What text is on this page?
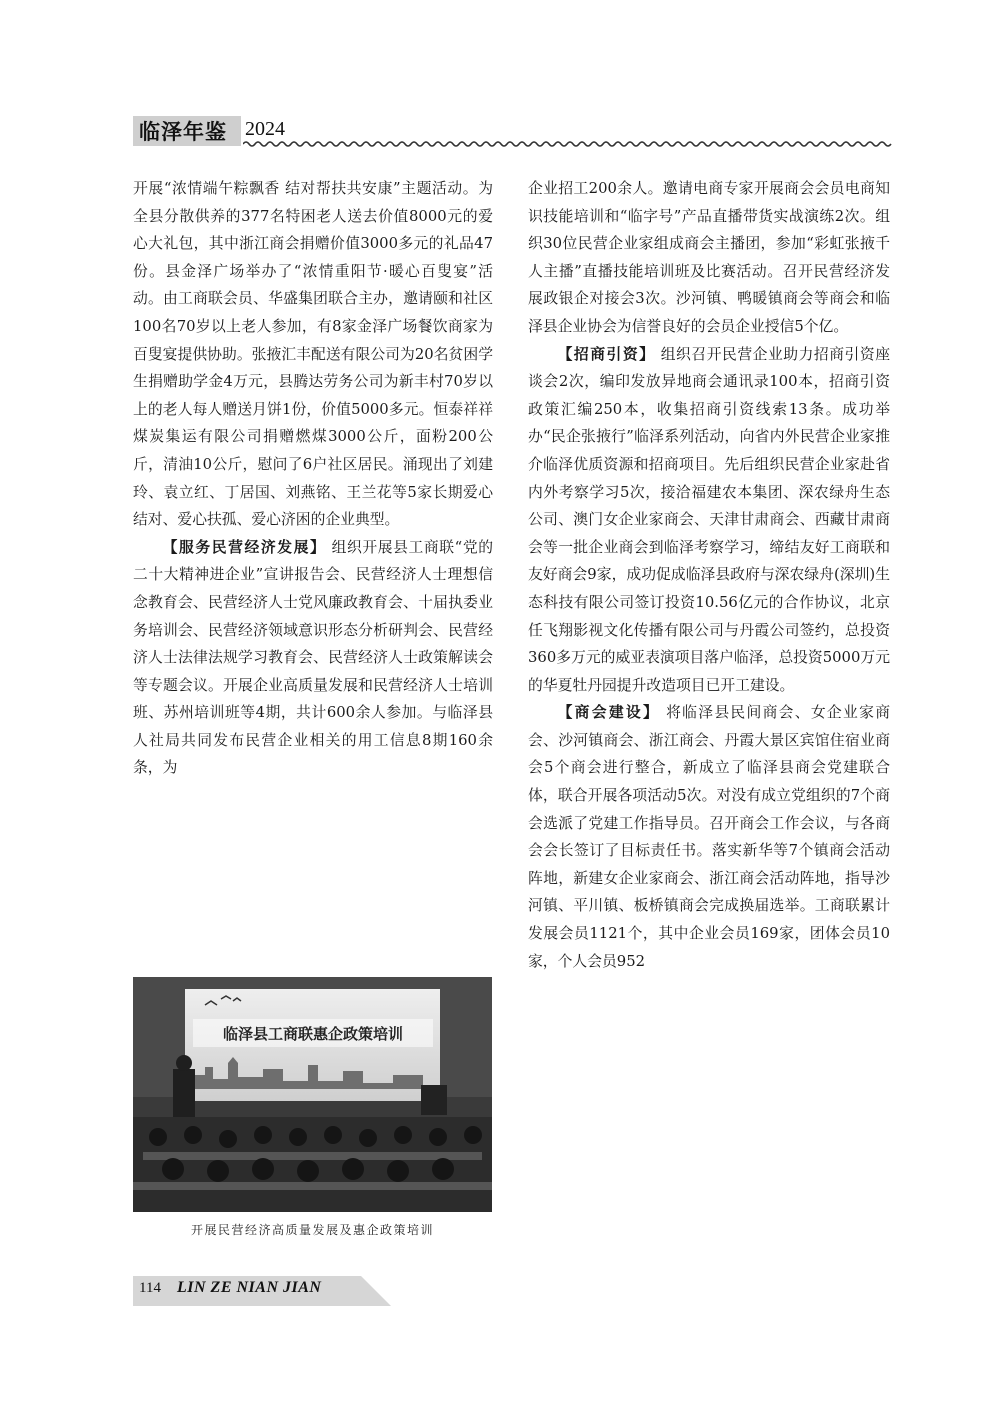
临泽年鉴 2024

开展“浓情端午粽飘香 结对帮扶共安康”主题活动。为全县分散供养的377名特困老人送去价值8000元的爱心大礼包，其中浙江商会捐赠价值3000多元的礼品47份。县金泽广场举办了“浓情重阳节·暖心百叟宴”活动。由工商联会员、华盛集团联合主办，邀请颐和社区100名70岁以上老人参加，有8家金泽广场餐饮商家为百叟宴提供协助。张掖汇丰配送有限公司为20名贫困学生捐赠助学金4万元，县腾达劳务公司为新丰村70岁以上的老人每人赠送月饼1份，价值5000多元。恒泰祥祥煤炭集运有限公司捐赠燃煤3000公斤，面粉200公斤，清油10公斤，慰问了6户社区居民。涌现出了刘建玲、袁立红、丁居国、刘燕铭、王兰花等5家长期爱心结对、爱心扶孤、爱心济困的企业典型。

【服务民营经济发展】 组织开展县工商联“党的二十大精神进企业”宣讲报告会、民营经济人士理想信念教育会、民营经济人士党风廉政教育会、十届执委业务培训会、民营经济领域意识形态分析研判会、民营经济人士法律法规学习教育会、民营经济人士政策解读会等专题会议。开展企业高质量发展和民营经济人士培训班、苏州培训班等4期，共计600余人参加。与临泽县人社局共同发布民营企业相关的用工信息8期160余条，为

临泽县工商联惠企政策培训
开展民营经济高质量发展及惠企政策培训

企业招工200余人。邀请电商专家开展商会会员电商知识技能培训和“临字号”产品直播带货实战演练2次。组织30位民营企业家组成商会主播团，参加“彩虹张掖千人主播”直播技能培训班及比赛活动。召开民营经济发展政银企对接会3次。沙河镇、鸭暖镇商会等商会和临泽县企业协会为信誉良好的会员企业授信5个亿。

【招商引资】 组织召开民营企业助力招商引资座谈会2次，编印发放异地商会通讯录100本，招商引资政策汇编250本，收集招商引资线索13条。成功举办“民企张掖行”临泽系列活动，向省内外民营企业家推介临泽优质资源和招商项目。先后组织民营企业家赴省内外考察学习5次，接洽福建农本集团、深农绿舟生态公司、澳门女企业家商会、天津甘肃商会、西藏甘肃商会等一批企业商会到临泽考察学习，缔结友好工商联和友好商会9家，成功促成临泽县政府与深农绿舟(深圳)生态科技有限公司签订投资10.56亿元的合作协议，北京任飞翔影视文化传播有限公司与丹霞公司签约，总投资360多万元的威亚表演项目落户临泽，总投资5000万元的华夏牡丹园提升改造项目已开工建设。

【商会建设】 将临泽县民间商会、女企业家商会、沙河镇商会、浙江商会、丹霞大景区宾馆住宿业商会5个商会进行整合，新成立了临泽县商会党建联合体，联合开展各项活动5次。对没有成立党组织的7个商会选派了党建工作指导员。召开商会工作会议，与各商会会长签订了目标责任书。落实新华等7个镇商会活动阵地，新建女企业家商会、浙江商会活动阵地，指导沙河镇、平川镇、板桥镇商会完成换届选举。工商联累计发展会员1121个，其中企业会员169家，团体会员10家，个人会员952

114 LIN ZE NIAN JIAN
